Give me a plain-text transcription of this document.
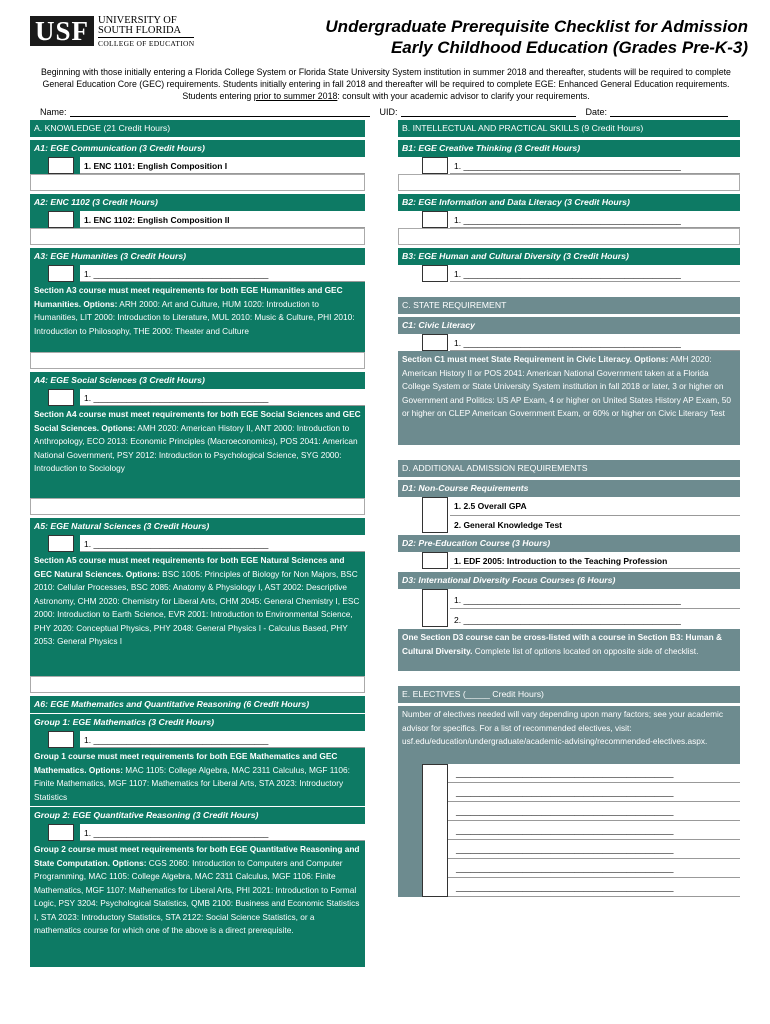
USF UNIVERSITY OF
SOUTH FLORIDA
COLLEGE OF EDUCATION
Undergraduate Prerequisite Checklist for Admission
Early Childhood Education (Grades Pre-K-3)
Beginning with those initially entering a Florida College System or Florida State University System institution in summer 2018 and thereafter, students will be required to complete General Education Core (GEC) requirements. Students initially entering in fall 2018 and thereafter will be required to complete EGE: Enhanced General Education requirements. Students entering prior to summer 2018: consult with your academic advisor to clarify your requirements.
Name:	UID:	Date:
A. KNOWLEDGE (21 Credit Hours)
A1: EGE Communication (3 Credit Hours)
1. ENC 1101: English Composition I
A2: ENC 1102 (3 Credit Hours)
1. ENC 1102: English Composition II
A3: EGE Humanities (3 Credit Hours)
1. _____________________________________
Section A3 course must meet requirements for both EGE Humanities and GEC Humanities. Options: ARH 2000: Art and Culture, HUM 1020: Introduction to Humanities, LIT 2000: Introduction to Literature, MUL 2010: Music & Culture, PHI 2010: Introduction to Philosophy, THE 2000: Theater and Culture
A4: EGE Social Sciences (3 Credit Hours)
1. _____________________________________
Section A4 course must meet requirements for both EGE Social Sciences and GEC Social Sciences. Options: AMH 2020: American History II, ANT 2000: Introduction to Anthropology, ECO 2013: Economic Principles (Macroeconomics), POS 2041: American National Government, PSY 2012: Introduction to Psychological Science, SYG 2000: Introduction to Sociology
A5: EGE Natural Sciences (3 Credit Hours)
1. _____________________________________
Section A5 course must meet requirements for both EGE Natural Sciences and GEC Natural Sciences. Options: BSC 1005: Principles of Biology for Non Majors, BSC 2010: Cellular Processes, BSC 2085: Anatomy & Physiology I, AST 2002: Descriptive Astronomy, CHM 2020: Chemistry for Liberal Arts, CHM 2045: General Chemistry I, ESC 2000: Introduction to Earth Science, EVR 2001: Introduction to Environmental Science, PHY 2020: Conceptual Physics, PHY 2048: General Physics I - Calculus Based, PHY 2053: General Physics I
A6: EGE Mathematics and Quantitative Reasoning (6 Credit Hours)
Group 1: EGE Mathematics (3 Credit Hours)
1. _____________________________________
Group 1 course must meet requirements for both EGE Mathematics and GEC Mathematics. Options: MAC 1105: College Algebra, MAC 2311 Calculus, MGF 1106: Finite Mathematics, MGF 1107: Mathematics for Liberal Arts, STA 2023: Introductory Statistics
Group 2: EGE Quantitative Reasoning (3 Credit Hours)
1. _____________________________________
Group 2 course must meet requirements for both EGE Quantitative Reasoning and State Computation. Options: CGS 2060: Introduction to Computers and Computer Programming, MAC 1105: College Algebra, MAC 2311 Calculus, MGF 1106: Finite Mathematics, MGF 1107: Mathematics for Liberal Arts, PHI 2021: Introduction to Formal Logic, PSY 3204: Psychological Statistics, QMB 2100: Business and Economic Statistics I, STA 2023: Introductory Statistics, STA 2122: Social Science Statistics, or a mathematics course for which one of the above is a direct prerequisite.
B. INTELLECTUAL AND PRACTICAL SKILLS (9 Credit Hours)
B1: EGE Creative Thinking (3 Credit Hours)
1. ______________________________________________
B2: EGE Information and Data Literacy (3 Credit Hours)
1. ______________________________________________
B3: EGE Human and Cultural Diversity (3 Credit Hours)
1. ______________________________________________
C. STATE REQUIREMENT
C1: Civic Literacy
1. ______________________________________________
Section C1 must meet State Requirement in Civic Literacy. Options: AMH 2020: American History II or POS 2041: American National Government taken at a Florida College System or State University System institution in fall 2018 or later, 3 or higher on Government and Politics: US AP Exam, 4 or higher on United States History AP Exam, 50 or higher on CLEP American Government Exam, or 60% or higher on Civic Literacy Test
D. ADDITIONAL ADMISSION REQUIREMENTS
D1: Non-Course Requirements
1. 2.5 Overall GPA
2. General Knowledge Test
D2: Pre-Education Course (3 Hours)
1. EDF 2005: Introduction to the Teaching Profession
D3: International Diversity Focus Courses (6 Hours)
1. ______________________________________________
2. ______________________________________________
One Section D3 course can be cross-listed with a course in Section B3: Human & Cultural Diversity. Complete list of options located on opposite side of checklist.
E. ELECTIVES (_____ Credit Hours)
Number of electives needed will vary depending upon many factors; see your academic advisor for specifics. For a list of recommended electives, visit: usf.edu/education/undergraduate/academic-advising/recommended-electives.aspx.
______________________________________________
______________________________________________
______________________________________________
______________________________________________
______________________________________________
______________________________________________
______________________________________________
